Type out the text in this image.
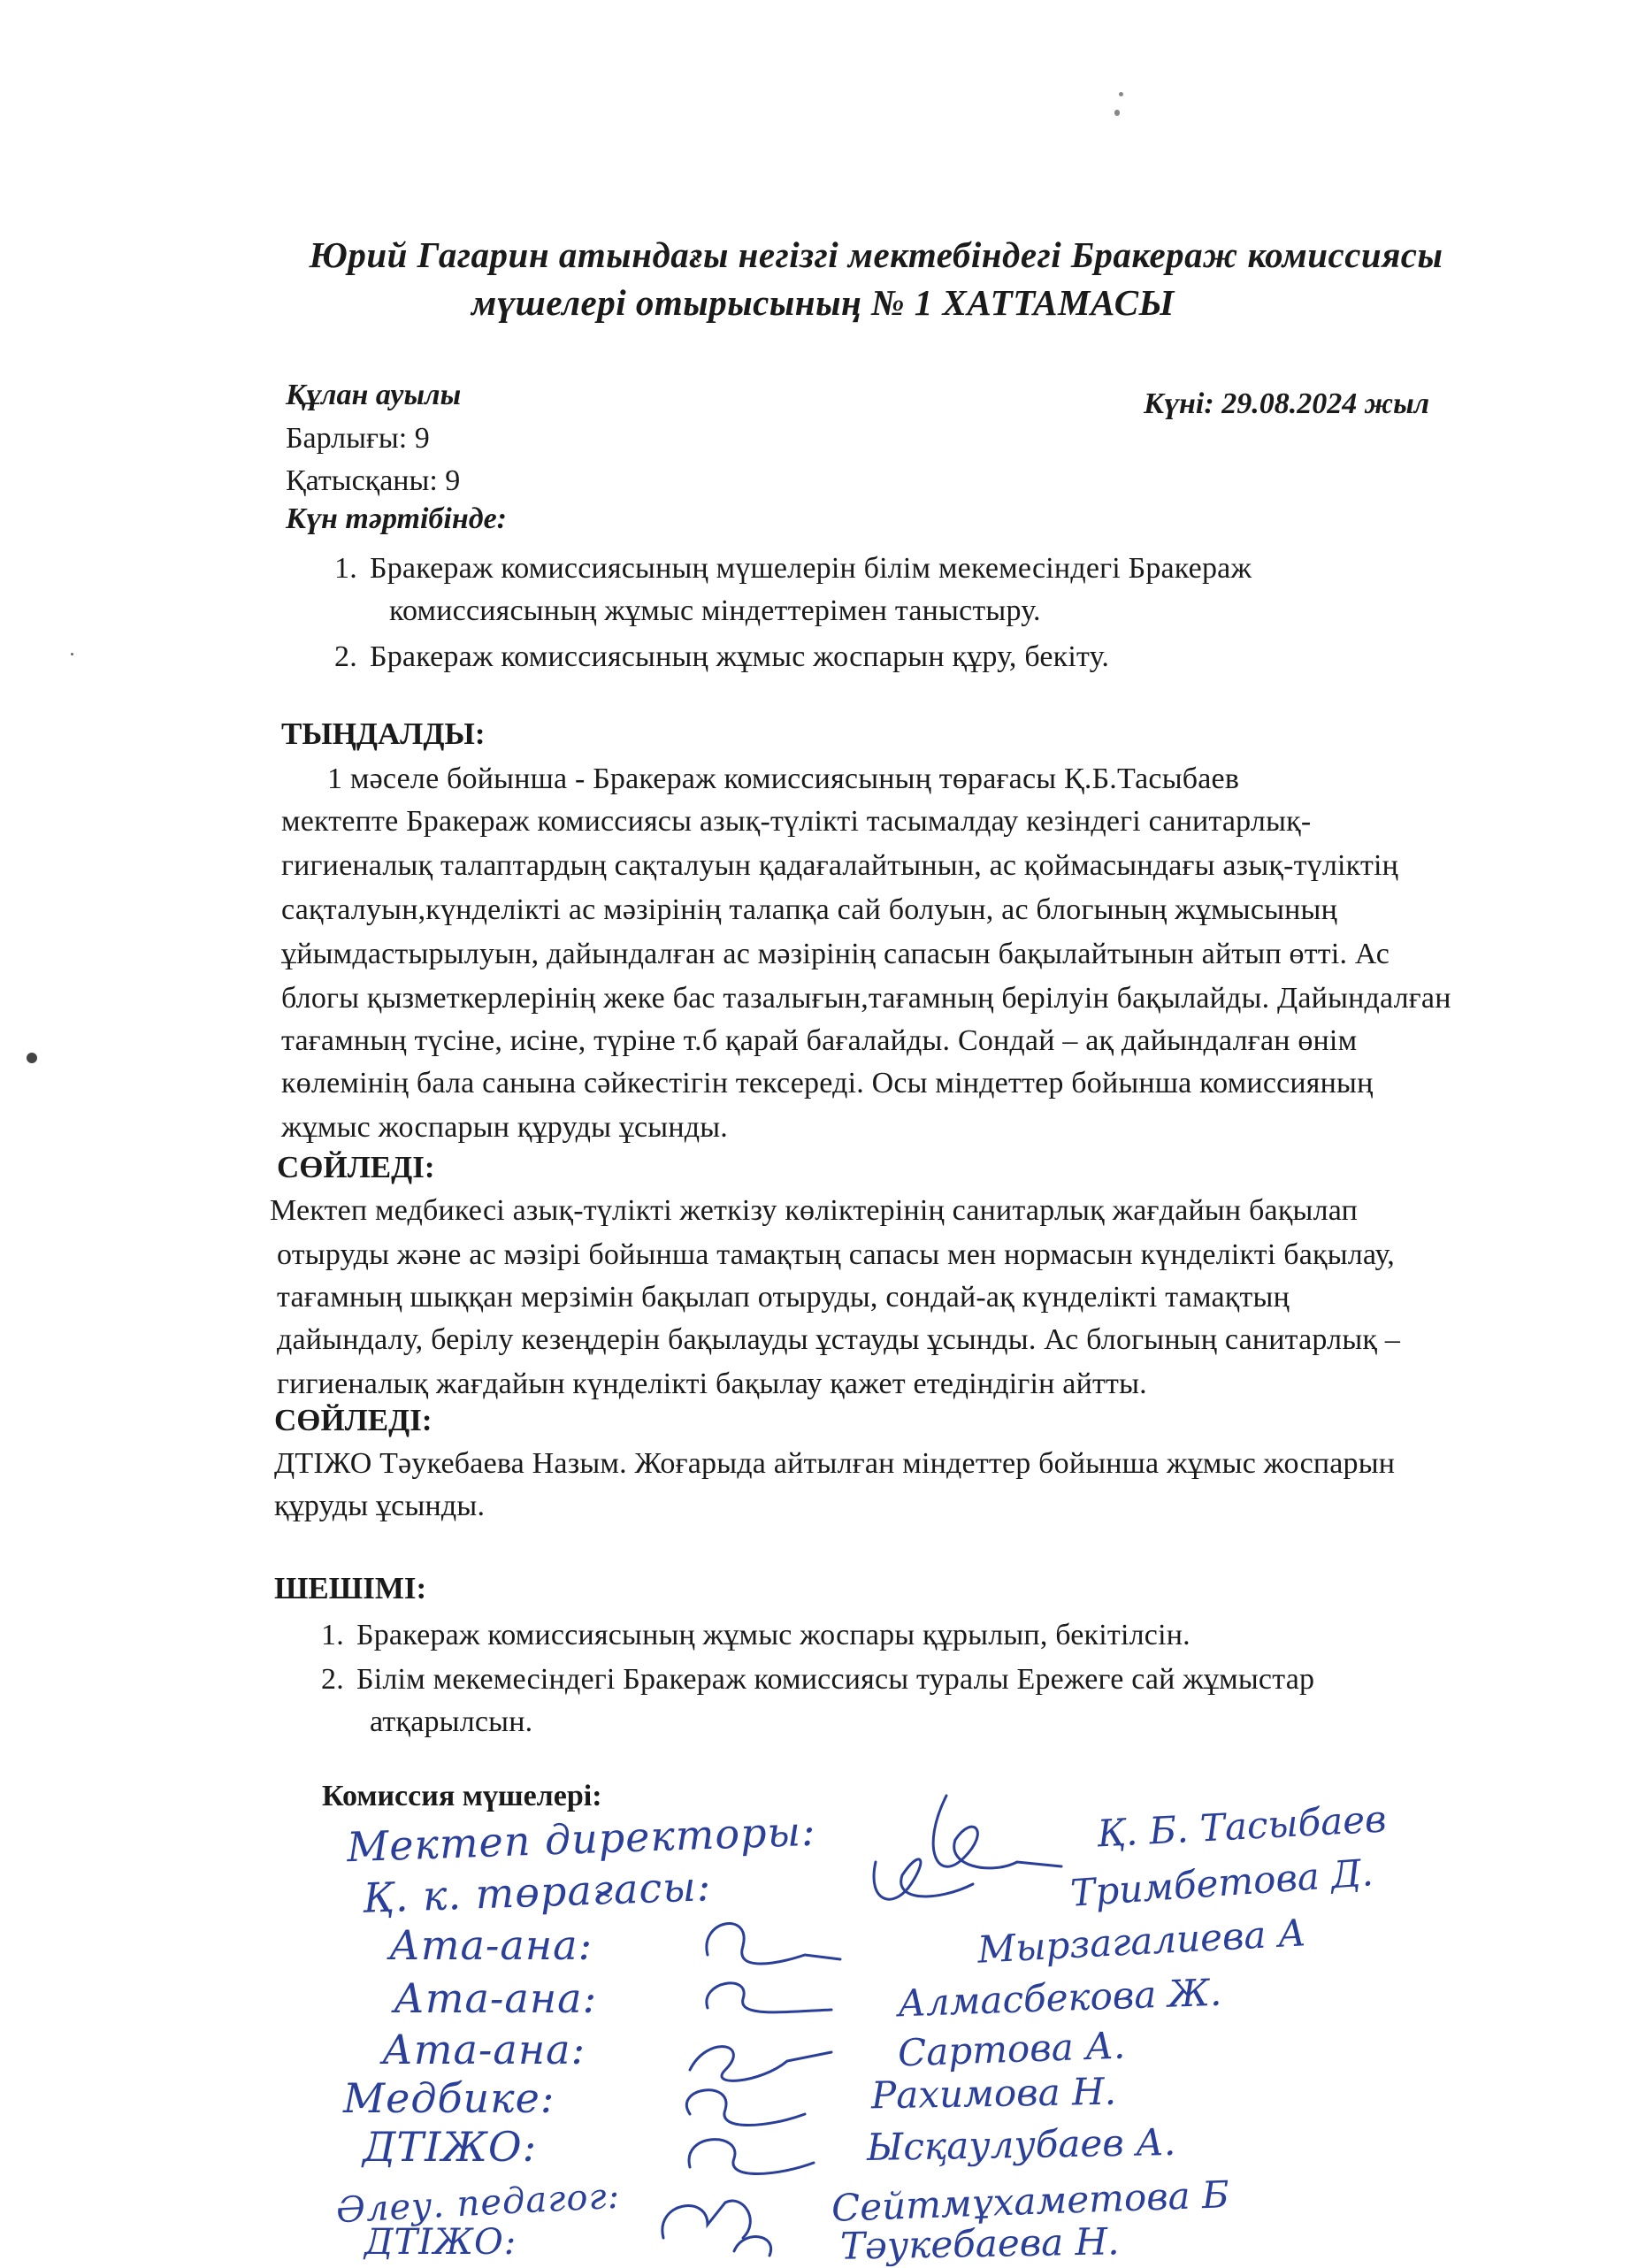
Юрий Гагарин атындағы негізгі мектебіндегі Бракераж комиссиясы
мүшелері отырысының № 1 ХАТТАМАСЫ
Құлан ауылы	Күні: 29.08.2024 жыл
Барлығы: 9
Қатысқаны: 9
Күн тәртібінде:
1. Бракераж комиссиясының мүшелерін білім мекемесіндегі Бракераж
комиссиясының жұмыс міндеттерімен таныстыру.
2. Бракераж комиссиясының жұмыс жоспарын құру, бекіту.
ТЫҢДАЛДЫ:
1 мәселе бойынша - Бракераж комиссиясының төрағасы Қ.Б.Тасыбаев
мектепте Бракераж комиссиясы азық-түлікті тасымалдау кезіндегі санитарлық-
гигиеналық талаптардың сақталуын қадағалайтынын, ас қоймасындағы азық-түліктің
сақталуын,күнделікті ас мәзірінің талапқа сай болуын, ас блогының жұмысының
ұйымдастырылуын, дайындалған ас мәзірінің сапасын бақылайтынын айтып өтті. Ас
блогы қызметкерлерінің жеке бас тазалығын,тағамның берілуін бақылайды. Дайындалған
тағамның түсіне, исіне, түріне т.б қарай бағалайды. Сондай – ақ дайындалған өнім
көлемінің бала санына сәйкестігін тексереді. Осы міндеттер бойынша комиссияның
жұмыс жоспарын құруды ұсынды.
СӨЙЛЕДІ:
Мектеп медбикесі азық-түлікті жеткізу көліктерінің санитарлық жағдайын бақылап
отыруды және ас мәзірі бойынша тамақтың сапасы мен нормасын күнделікті бақылау,
тағамның шыққан мерзімін бақылап отыруды, сондай-ақ күнделікті тамақтың
дайындалу, берілу кезеңдерін бақылауды ұстауды ұсынды. Ас блогының санитарлық –
гигиеналық жағдайын күнделікті бақылау қажет етедіндігін айтты.
СӨЙЛЕДІ:
ДТІЖО Тәукебаева Назым. Жоғарыда айтылған міндеттер бойынша жұмыс жоспарын
құруды ұсынды.
ШЕШІМІ:
1. Бракераж комиссиясының жұмыс жоспары құрылып, бекітілсін.
2. Білім мекемесіндегі Бракераж комиссиясы туралы Ережеге сай жұмыстар
атқарылсын.
Комиссия мүшелері:
Мектеп директоры:
Қ. к. төрағасы:
Ата-ана:
Ата-ана:
Ата-ана:
Медбике:
ДТІЖО:
Әлеу. педагог:
ДТІЖО:
Қ. Б. Тасыбаев
Тримбетова Д.
Мырзагалиева А
Алмасбекова Ж.
Сартова А.
Рахимова Н.
Ысқаулубаев А.
Сейтмұхаметова Б
Тәукебаева Н.
